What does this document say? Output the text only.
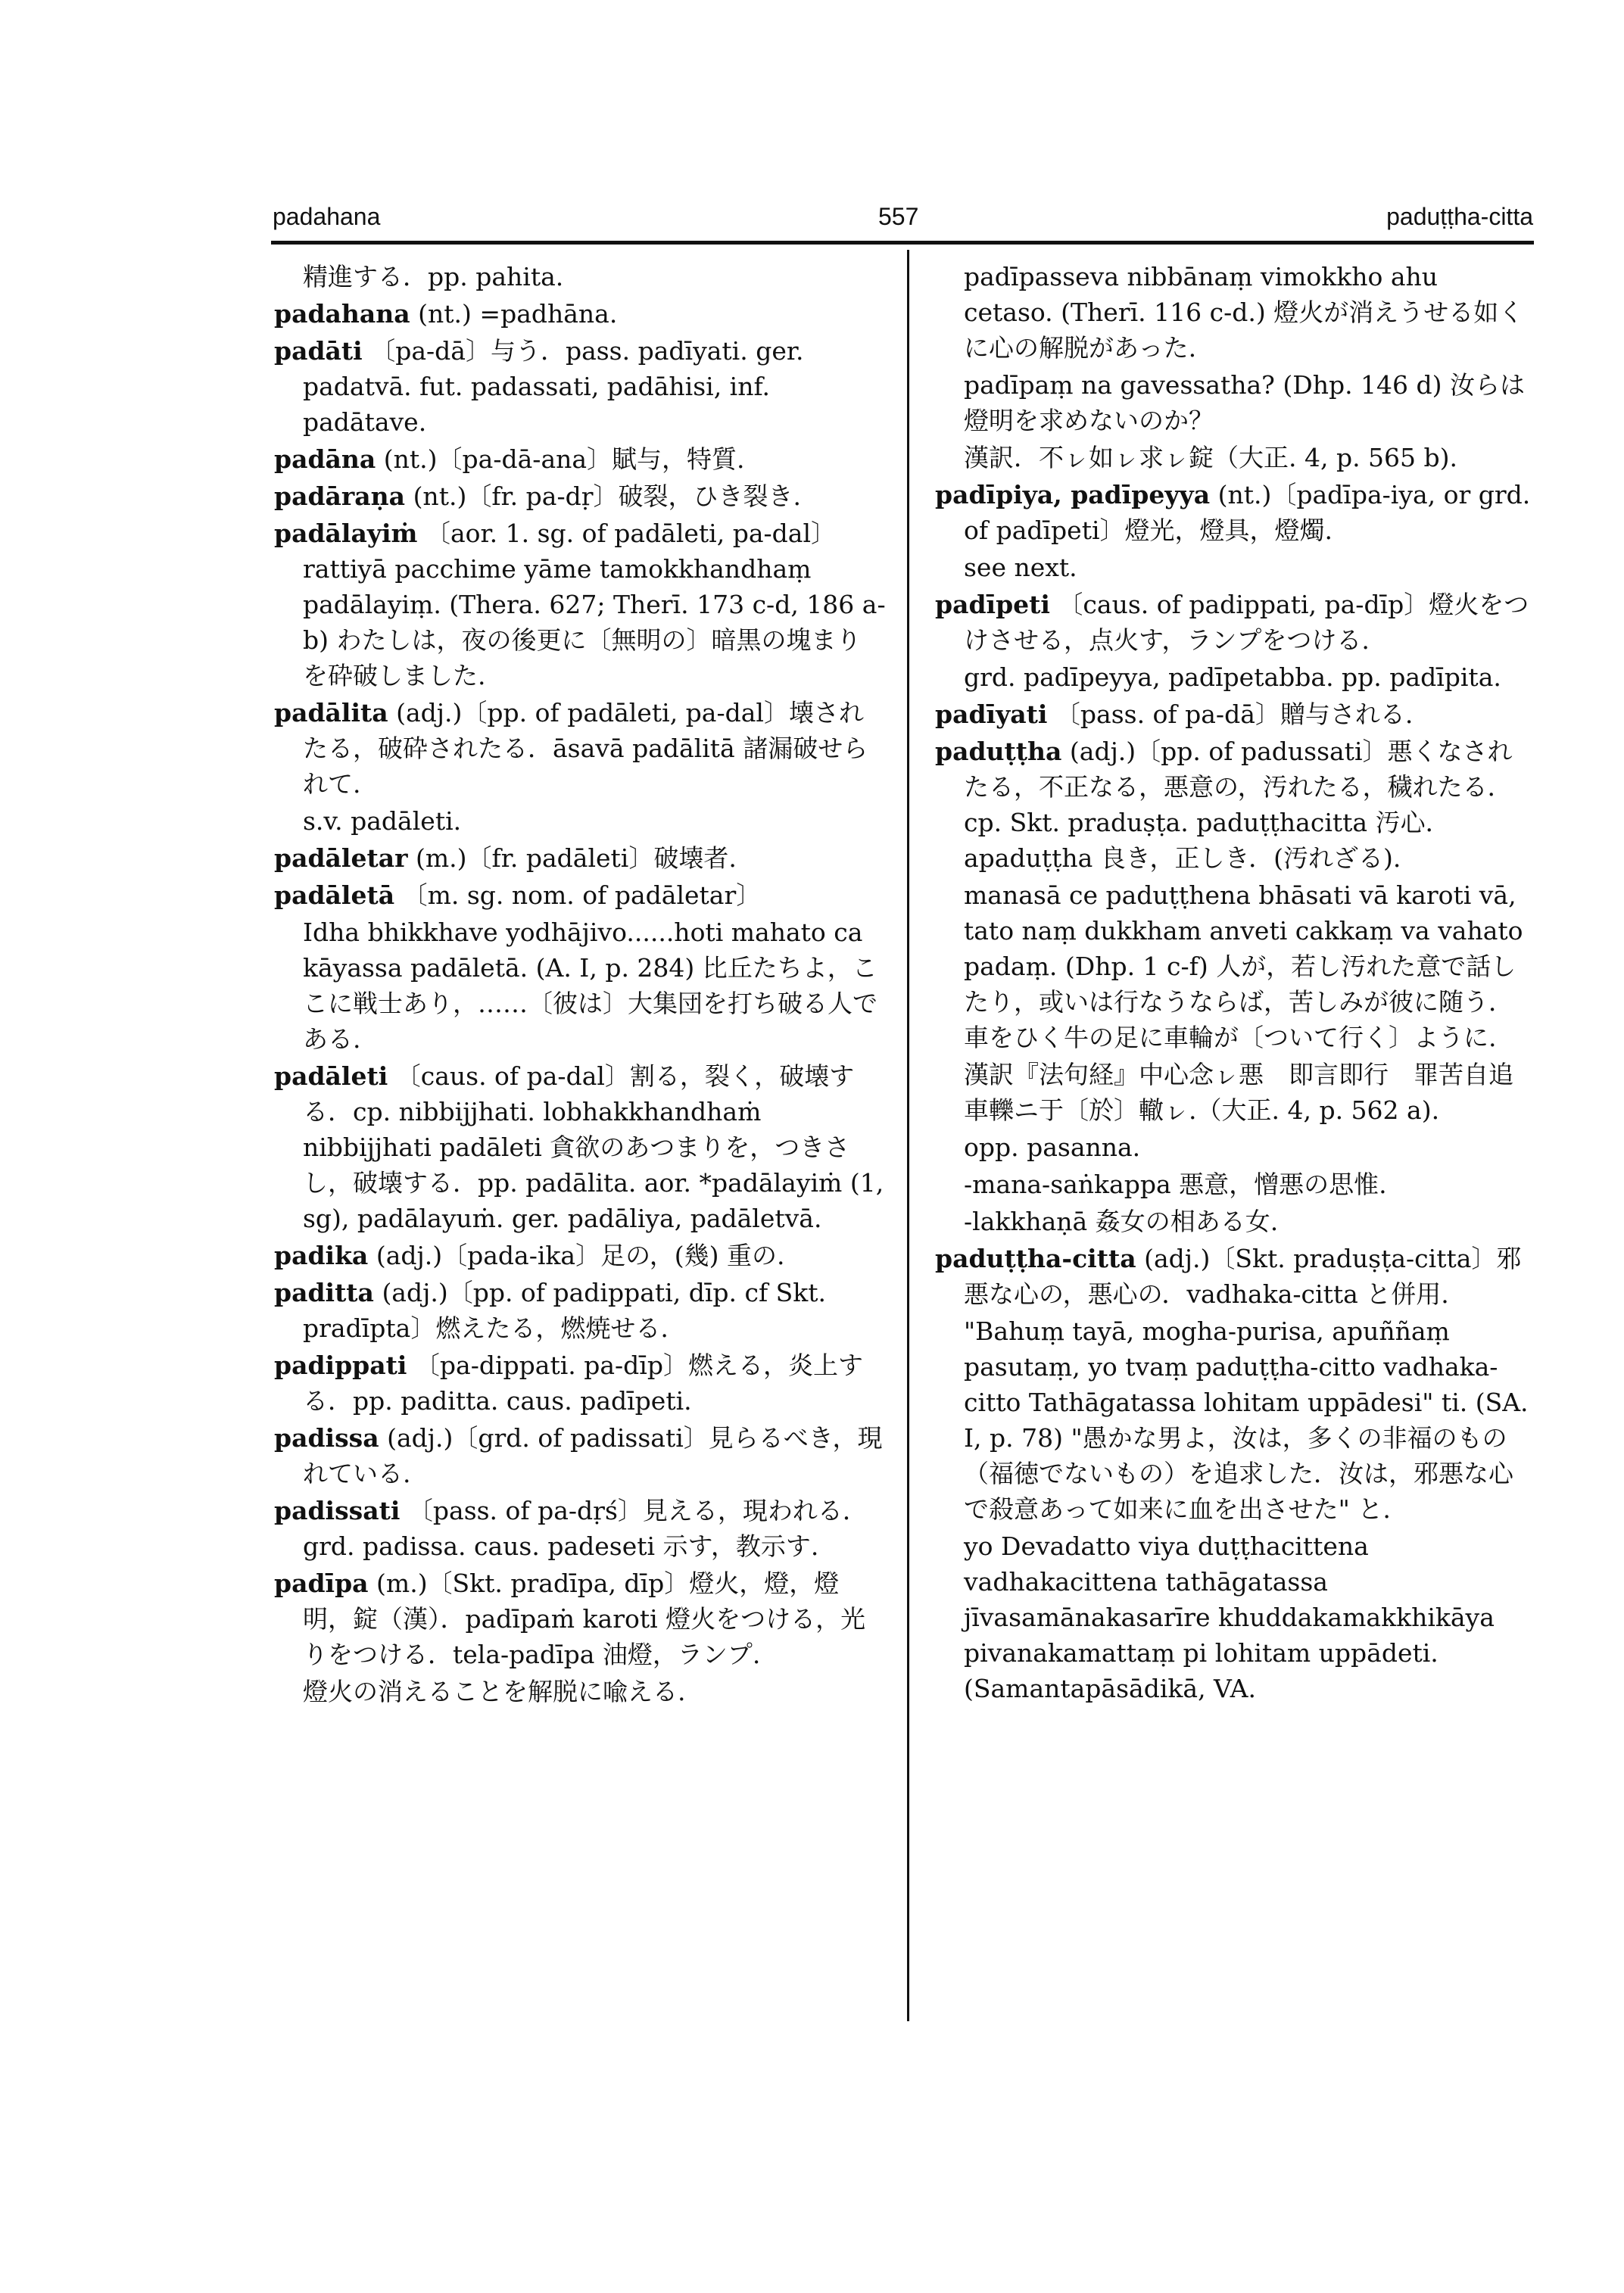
padahana	557	paduṭṭha-citta
精進する．pp. pahita.
padahana (nt.) =padhāna.
padāti 〔pa-dā〕与う．pass. padīyati. ger. padatvā. fut. padassati, padāhisi, inf. padātave.
padāna (nt.)〔pa-dā-ana〕賦与，特質.
padāraṇa (nt.)〔fr. pa-dṛ〕破裂，ひき裂き.
padālayiṁ 〔aor. 1. sg. of padāleti, pa-dal〕rattiyā pacchime yāme tamokkhandhaṃ padālayiṃ. (Thera. 627; Therī. 173 c-d, 186 a-b) わたしは，夜の後更に〔無明の〕暗黒の塊まりを砕破しました.
padālita (adj.)〔pp. of padāleti, pa-dal〕壊されたる，破砕されたる．āsavā padālitā 諸漏破せられて.
s.v. padāleti.
padāletar (m.)〔fr. padāleti〕破壊者.
padāletā 〔m. sg. nom. of padāletar〕
Idha bhikkhave yodhājivo......hoti mahato ca kāyassa padāletā. (A. I, p. 284) 比丘たちよ，ここに戦士あり，……〔彼は〕大集団を打ち破る人である.
padāleti 〔caus. of pa-dal〕割る，裂く，破壊する．cp. nibbijjhati. lobhakkhandhaṁ nibbijjhati padāleti 貪欲のあつまりを，つきさし，破壊する．pp. padālita. aor. *padālayiṁ (1, sg), padālayuṁ. ger. padāliya, padāletvā.
padika (adj.)〔pada-ika〕足の，(幾) 重の.
paditta (adj.)〔pp. of padippati, dīp. cf Skt. pradīpta〕燃えたる，燃焼せる.
padippati 〔pa-dippati. pa-dīp〕燃える，炎上する．pp. paditta. caus. padīpeti.
padissa (adj.)〔grd. of padissati〕見らるべき，現れている.
padissati 〔pass. of pa-dṛś〕見える，現われる．grd. padissa. caus. padeseti 示す，教示す.
padīpa (m.)〔Skt. pradīpa, dīp〕燈火，燈，燈明，錠（漢）．padīpaṁ karoti 燈火をつける，光りをつける．tela-padīpa 油燈，ランプ.
燈火の消えることを解脱に喩える.
padīpasseva nibbānaṃ vimokkho ahu cetaso. (Therī. 116 c-d.) 燈火が消えうせる如くに心の解脱があった.
padīpaṃ na gavessatha? (Dhp. 146 d) 汝らは燈明を求めないのか？
漢訳．不ㇾ如ㇾ求ㇾ錠（大正. 4, p. 565 b).
padīpiya, padīpeyya (nt.)〔padīpa-iya, or grd. of padīpeti〕燈光，燈具，燈燭.
see next.
padīpeti 〔caus. of padippati, pa-dīp〕燈火をつけさせる，点火す，ランプをつける.
grd. padīpeyya, padīpetabba. pp. padīpita.
padīyati 〔pass. of pa-dā〕贈与される.
paduṭṭha (adj.)〔pp. of padussati〕悪くなされたる，不正なる，悪意の，汚れたる，穢れたる．cp. Skt. praduṣṭa. paduṭṭhacitta 汚心．apaduṭṭha 良き，正しき．(汚れざる).
manasā ce paduṭṭhena bhāsati vā karoti vā, tato naṃ dukkham anveti cakkaṃ va vahato padaṃ. (Dhp. 1 c-f) 人が，若し汚れた意で話したり，或いは行なうならば，苦しみが彼に随う．車をひく牛の足に車輪が〔ついて行く〕ように.
漢訳『法句経』中心念ㇾ悪　即言即行　罪苦自追　車轢ニ于〔於〕轍ㇾ.（大正. 4, p. 562 a).
opp. pasanna.
-mana-saṅkappa 悪意，憎悪の思惟.
-lakkhaṇā 姦女の相ある女.
paduṭṭha-citta (adj.)〔Skt. praduṣṭa-citta〕邪悪な心の，悪心の．vadhaka-citta と併用.
"Bahuṃ tayā, mogha-purisa, apuññaṃ pasutaṃ, yo tvaṃ paduṭṭha-citto vadhaka-citto Tathāgatassa lohitam uppādesi" ti. (SA. I, p. 78) "愚かな男よ，汝は，多くの非福のもの（福徳でないもの）を追求した．汝は，邪悪な心で殺意あって如来に血を出させた" と.
yo Devadatto viya duṭṭhacittena vadhakacittena tathāgatassa jīvasamānakasarīre khuddakamakkhikāya pivanakamattaṃ pi lohitam uppādeti. (Samantapāsādikā, VA.
